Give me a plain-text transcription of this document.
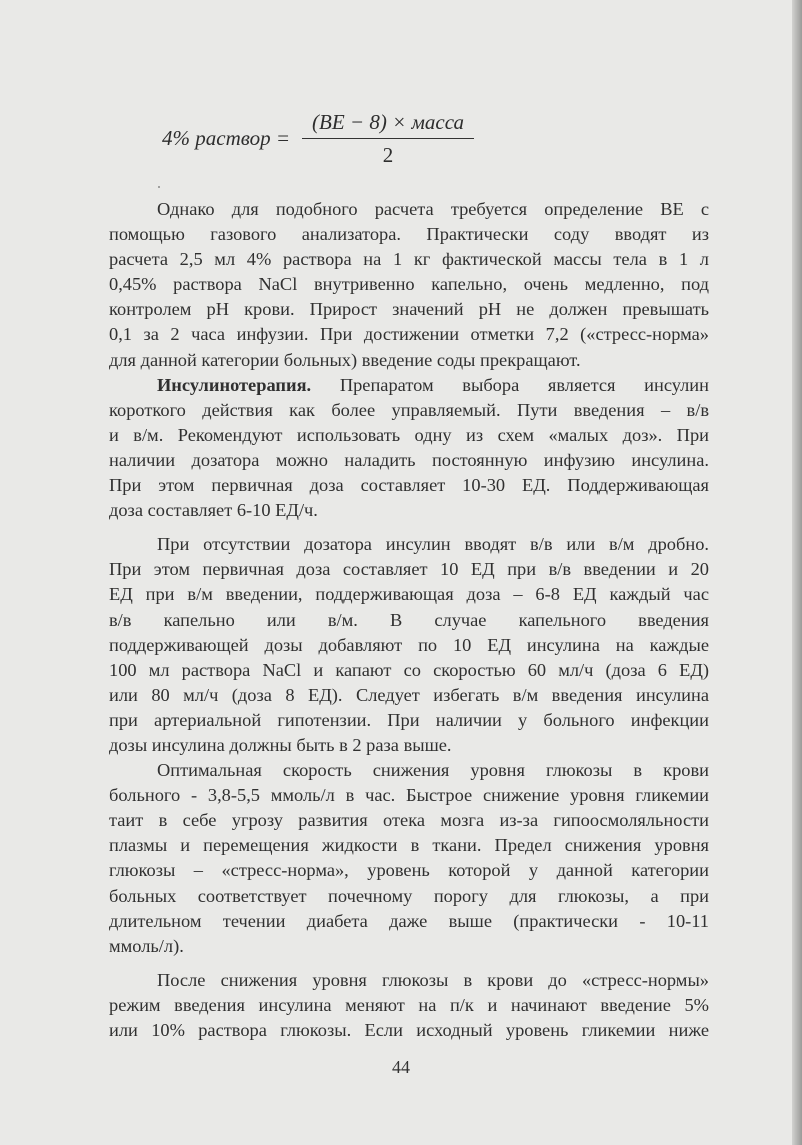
4% раствор =
(BE − 8) × масса
2

Однако для подобного расчета требуется определение BE с

помощью газового анализатора. Практически соду вводят из

расчета 2,5 мл 4% раствора на 1 кг фактической массы тела в 1 л

0,45% раствора NaCl внутривенно капельно, очень медленно, под

контролем pH крови. Прирост значений pH не должен превышать

0,1 за 2 часа инфузии. При достижении отметки 7,2 («стресс-норма»

для данной категории больных) введение соды прекращают.

Инсулинотерапия. Препаратом выбора является инсулин

короткого действия как более управляемый. Пути введения – в/в

и в/м. Рекомендуют использовать одну из схем «малых доз». При

наличии дозатора можно наладить постоянную инфузию инсулина.

При этом первичная доза составляет 10-30 ЕД. Поддерживающая

доза составляет 6-10 ЕД/ч.

При отсутствии дозатора инсулин вводят в/в или в/м дробно.

При этом первичная доза составляет 10 ЕД при в/в введении и 20

ЕД при в/м введении, поддерживающая доза – 6-8 ЕД каждый час

в/в капельно или в/м. В случае капельного введения

поддерживающей дозы добавляют по 10 ЕД инсулина на каждые

100 мл раствора NaCl и капают со скоростью 60 мл/ч (доза 6 ЕД)

или 80 мл/ч (доза 8 ЕД). Следует избегать в/м введения инсулина

при артериальной гипотензии. При наличии у больного инфекции

дозы инсулина должны быть в 2 раза выше.

Оптимальная скорость снижения уровня глюкозы в крови

больного - 3,8-5,5 ммоль/л в час. Быстрое снижение уровня гликемии

таит в себе угрозу развития отека мозга из-за гипоосмоляльности

плазмы и перемещения жидкости в ткани. Предел снижения уровня

глюкозы – «стресс-норма», уровень которой у данной категории

больных соответствует почечному порогу для глюкозы, а при

длительном течении диабета даже выше (практически - 10-11

ммоль/л).

После снижения уровня глюкозы в крови до «стресс-нормы»

режим введения инсулина меняют на п/к и начинают введение 5%

или 10% раствора глюкозы. Если исходный уровень гликемии ниже

44
